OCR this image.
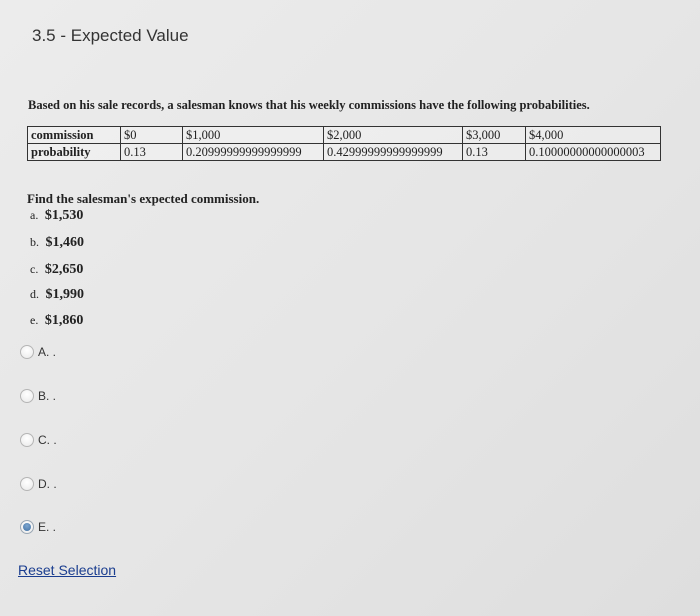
3.5 - Expected Value
Based on his sale records, a salesman knows that his weekly commissions have the following probabilities.
commission	$0	$1,000	$2,000	$3,000	$4,000
probability	0.13	0.20999999999999999	0.42999999999999999	0.13	0.10000000000000003
Find the salesman's expected commission.
a. $1,530
b. $1,460
c. $2,650
d. $1,990
e. $1,860
A. .
B. .
C. .
D. .
E. .
Reset Selection
